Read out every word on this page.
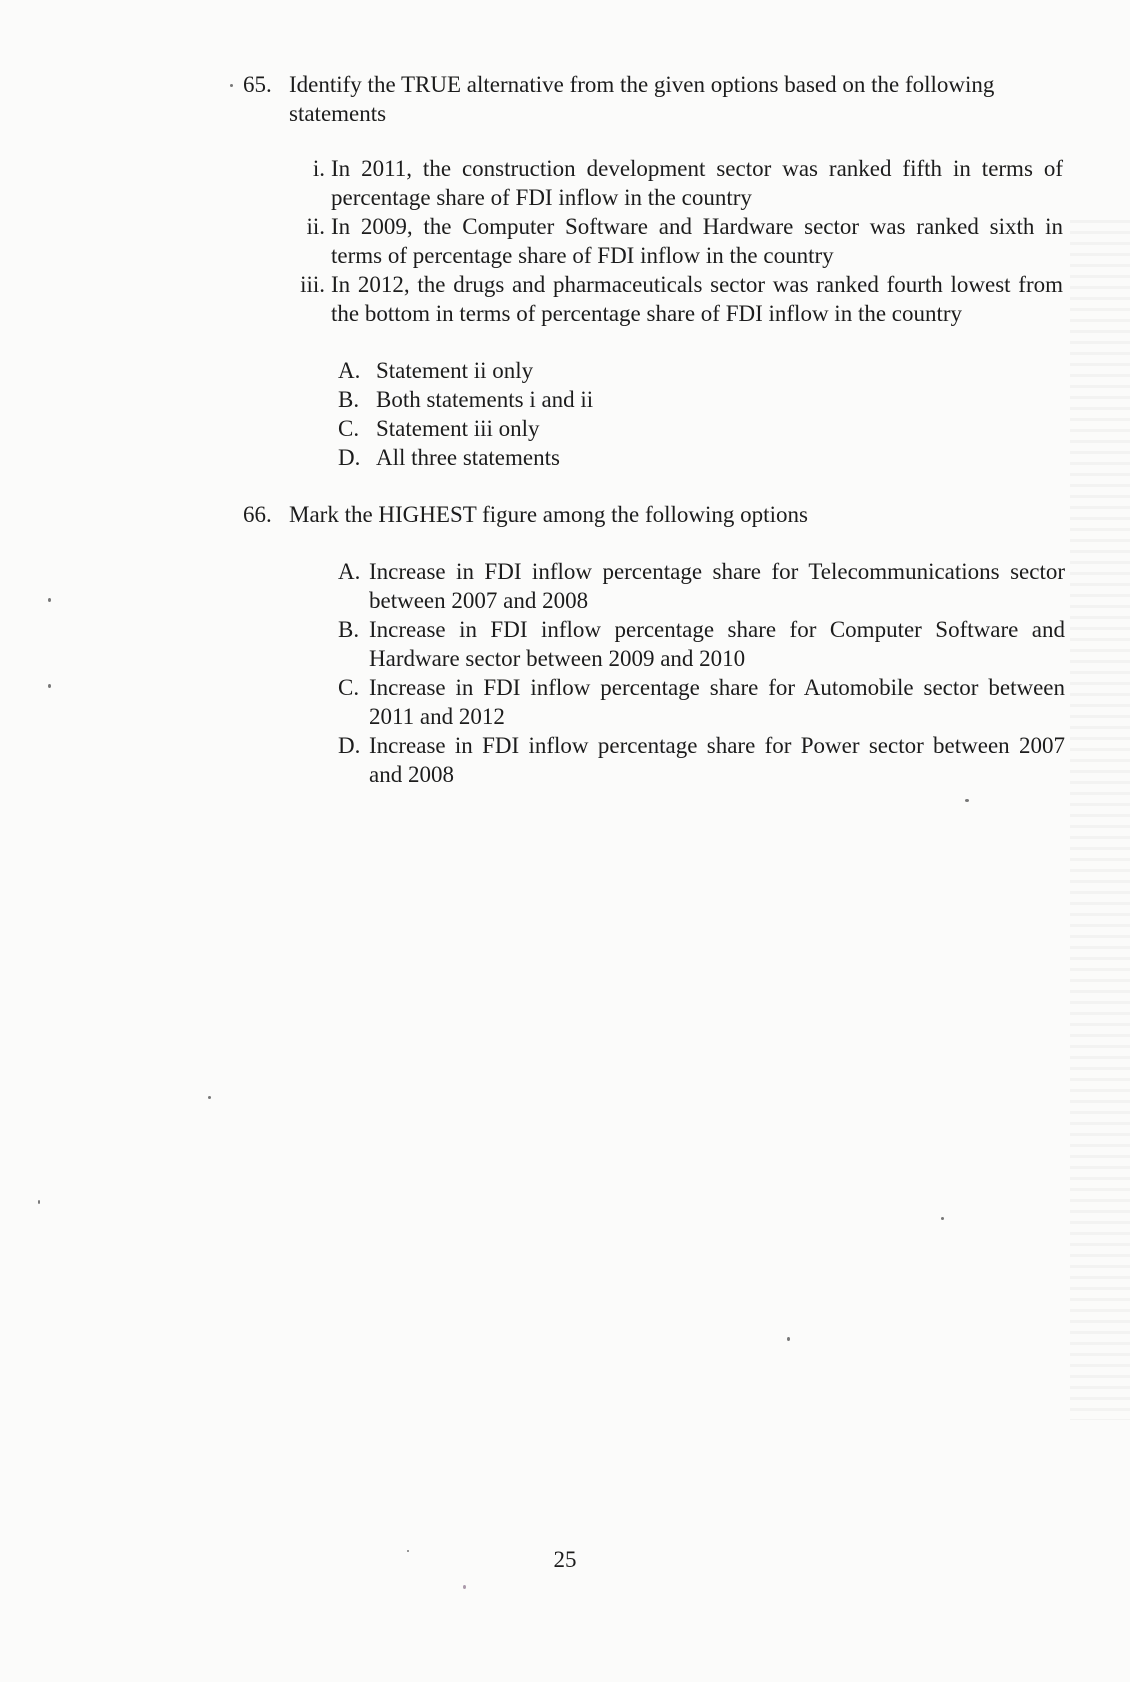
65. Identify the TRUE alternative from the given options based on the following statements
i. In 2011, the construction development sector was ranked fifth in terms of percentage share of FDI inflow in the country
ii. In 2009, the Computer Software and Hardware sector was ranked sixth in terms of percentage share of FDI inflow in the country
iii. In 2012, the drugs and pharmaceuticals sector was ranked fourth lowest from the bottom in terms of percentage share of FDI inflow in the country
A. Statement ii only
B. Both statements i and ii
C. Statement iii only
D. All three statements
66. Mark the HIGHEST figure among the following options
A. Increase in FDI inflow percentage share for Telecommunications sector between 2007 and 2008
B. Increase in FDI inflow percentage share for Computer Software and Hardware sector between 2009 and 2010
C. Increase in FDI inflow percentage share for Automobile sector between 2011 and 2012
D. Increase in FDI inflow percentage share for Power sector between 2007 and 2008
25
